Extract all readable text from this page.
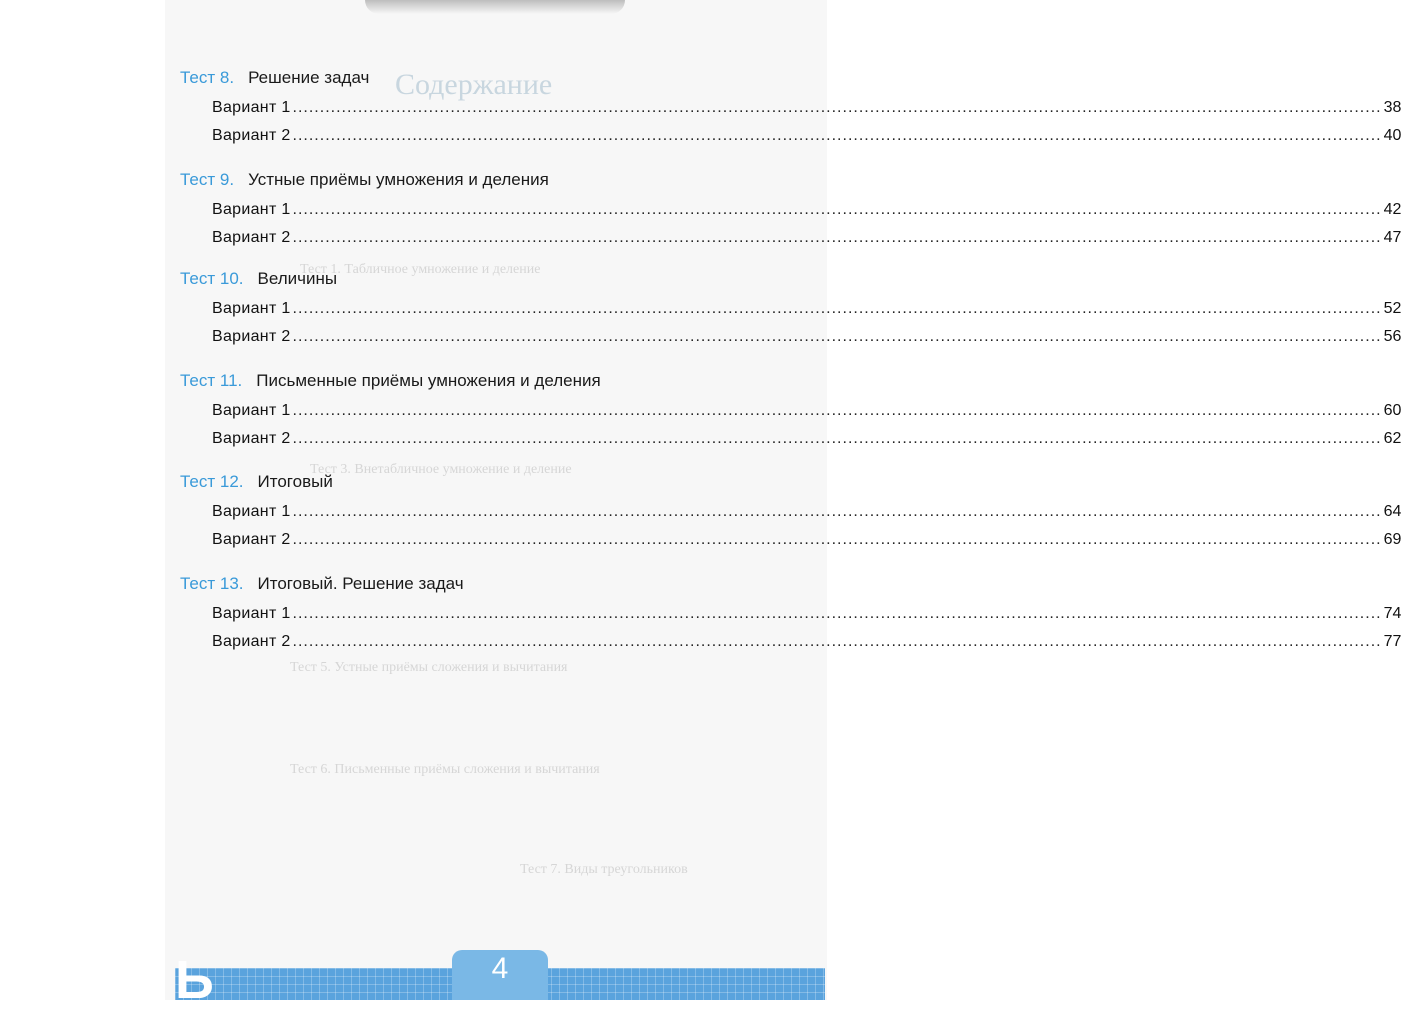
Содержание
Тест 1. Табличное умножение и деление
Тест 3. Внетабличное умножение и деление
Тест 5. Устные приёмы сложения и вычитания
Тест 6. Письменные приёмы сложения и вычитания
Тест 7. Виды треугольников
Тест 8. Решение задач
Вариант 1 ........................................................................................................................................................................................................ 38
Вариант 2 ........................................................................................................................................................................................................ 40
Тест 9. Устные приёмы умножения и деления
Вариант 1 ........................................................................................................................................................................................................ 42
Вариант 2 ........................................................................................................................................................................................................ 47
Тест 10. Величины
Вариант 1 ........................................................................................................................................................................................................ 52
Вариант 2 ........................................................................................................................................................................................................ 56
Тест 11. Письменные приёмы умножения и деления
Вариант 1 ........................................................................................................................................................................................................ 60
Вариант 2 ........................................................................................................................................................................................................ 62
Тест 12. Итоговый
Вариант 1 ........................................................................................................................................................................................................ 64
Вариант 2 ........................................................................................................................................................................................................ 69
Тест 13. Итоговый. Решение задач
Вариант 1 ........................................................................................................................................................................................................ 74
Вариант 2 ........................................................................................................................................................................................................ 77
Ь	4
